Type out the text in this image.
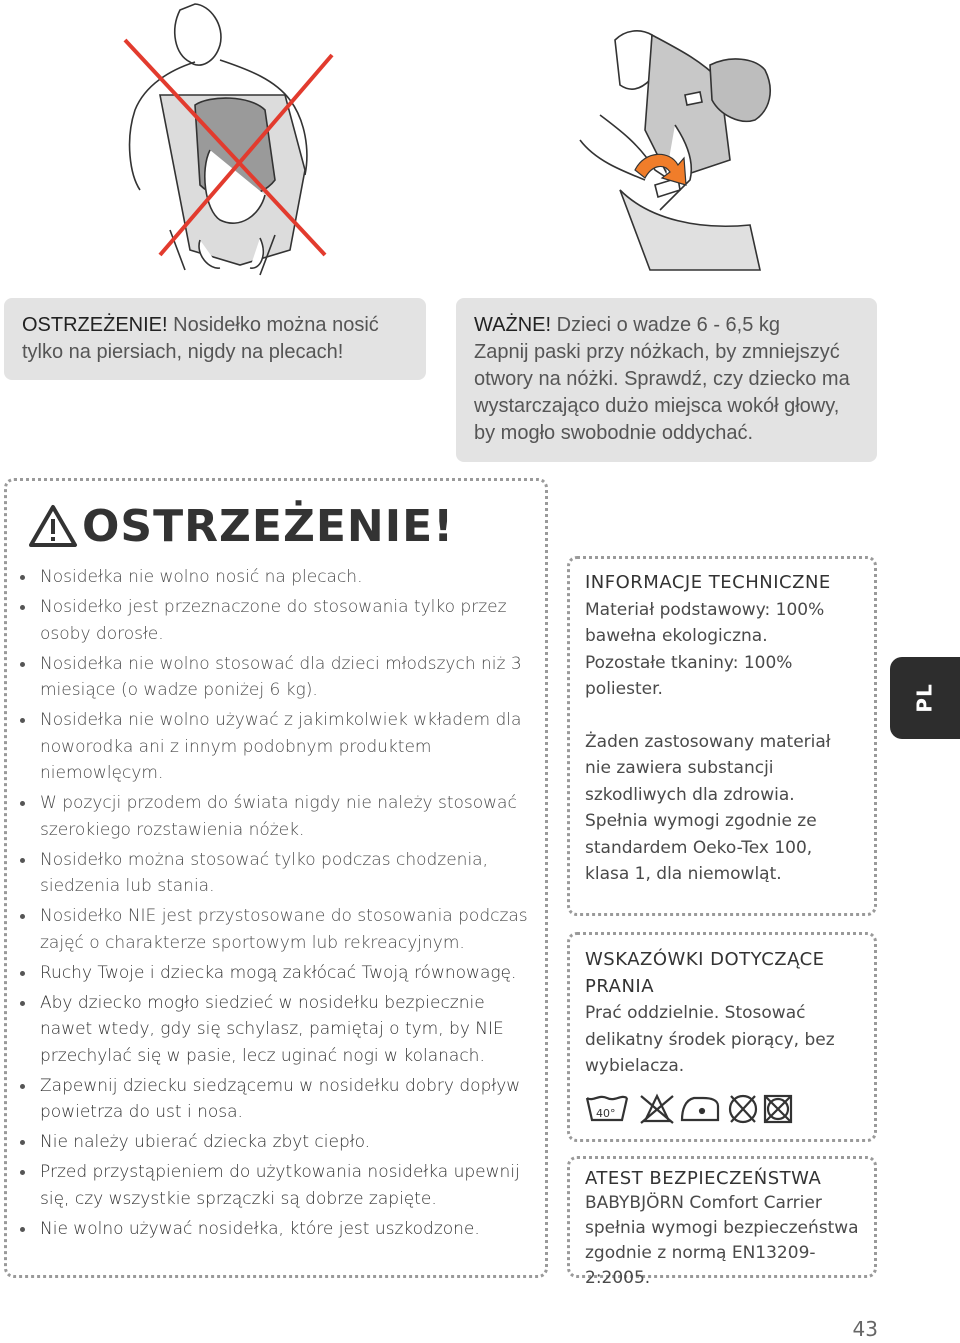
OSTRZEŻENIE! Nosidełko można nosić
tylko na piersiach, nigdy na plecach!
WAŻNE! Dzieci o wadze 6 - 6,5 kg
Zapnij paski przy nóżkach, by zmniejszyć
otwory na nóżki. Sprawdź, czy dziecko ma
wystarczająco dużo miejsca wokół głowy,
by mogło swobodnie oddychać.
OSTRZEŻENIE!
Nosidełka nie wolno nosić na plecach.
Nosidełko jest przeznaczone do stosowania tylko przez osoby dorosłe.
Nosidełka nie wolno stosować dla dzieci młodszych niż 3 miesiące (o wadze poniżej 6 kg).
Nosidełka nie wolno używać z jakimkolwiek wkładem dla noworodka ani z innym podobnym produktem niemowlęcym.
W pozycji przodem do świata nigdy nie należy stosować szerokiego rozstawienia nóżek.
Nosidełko można stosować tylko podczas chodzenia, siedzenia lub stania.
Nosidełko NIE jest przystosowane do stosowania podczas zajęć o charakterze sportowym lub rekreacyjnym.
Ruchy Twoje i dziecka mogą zakłócać Twoją równowagę.
Aby dziecko mogło siedzieć w nosidełku bezpiecznie nawet wtedy, gdy się schylasz, pamiętaj o tym, by NIE przechylać się w pasie, lecz uginać nogi w kolanach.
Zapewnij dziecku siedzącemu w nosidełku dobry dopływ powietrza do ust i nosa.
Nie należy ubierać dziecka zbyt ciepło.
Przed przystąpieniem do użytkowania nosidełka upewnij się, czy wszystkie sprzączki są dobrze zapięte.
Nie wolno używać nosidełka, które jest uszkodzone.
INFORMACJE TECHNICZNE
Materiał podstawowy: 100%
bawełna ekologiczna.
Pozostałe tkaniny: 100%
poliester.
Żaden zastosowany materiał
nie zawiera substancji
szkodliwych dla zdrowia.
Spełnia wymogi zgodnie ze
standardem Oeko-Tex 100,
klasa 1, dla niemowląt.
WSKAZÓWKI DOTYCZĄCE
PRANIA
Prać oddzielnie. Stosować
delikatny środek piorący, bez
wybielacza.
40°
ATEST BEZPIECZEŃSTWA
BABYBJÖRN Comfort Carrier
spełnia wymogi bezpieczeństwa
zgodnie z normą EN13209-2:2005.
PL
43
